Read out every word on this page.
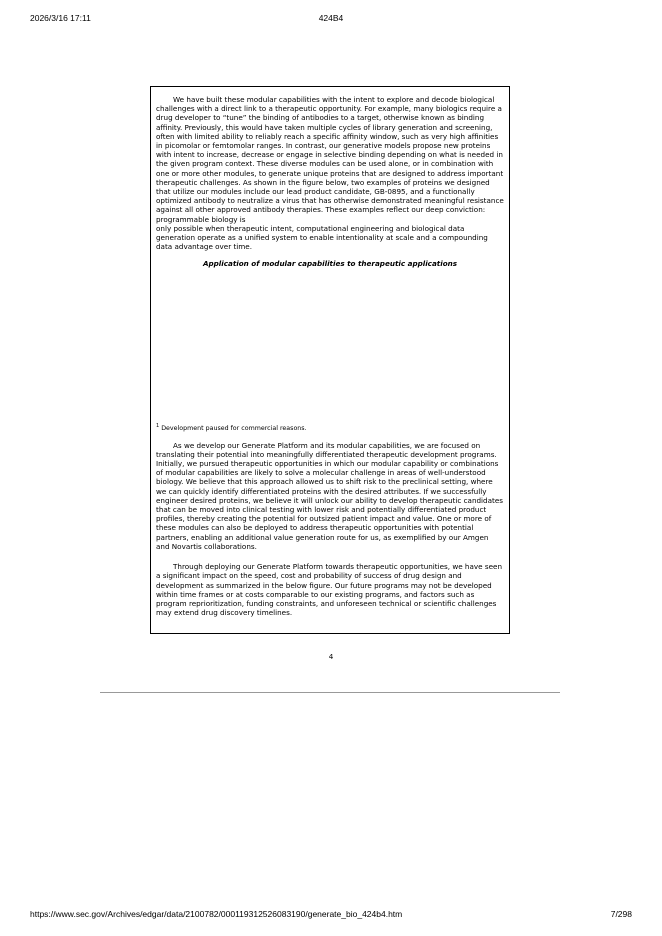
2026/3/16 17:11	424B4

We have built these modular capabilities with the intent to explore and decode biological challenges with a direct link to a therapeutic opportunity. For example, many biologics require a drug developer to “tune” the binding of antibodies to a target, otherwise known as binding affinity. Previously, this would have taken multiple cycles of library generation and screening, often with limited ability to reliably reach a specific affinity window, such as very high affinities in picomolar or femtomolar ranges. In contrast, our generative models propose new proteins with intent to increase, decrease or engage in selective binding depending on what is needed in the given program context. These diverse modules can be used alone, or in combination with one or more other modules, to generate unique proteins that are designed to address important therapeutic challenges. As shown in the figure below, two examples of proteins we designed that utilize our modules include our lead product candidate, GB-0895, and a functionally optimized antibody to neutralize a virus that has otherwise demonstrated meaningful resistance against all other approved antibody therapies. These examples reflect our deep conviction: programmable biology is

only possible when therapeutic intent, computational engineering and biological data generation operate as a unified system to enable intentionality at scale and a compounding data advantage over time.

Application of modular capabilities to therapeutic applications

$^1$ Development paused for commercial reasons.

As we develop our Generate Platform and its modular capabilities, we are focused on translating their potential into meaningfully differentiated therapeutic development programs. Initially, we pursued therapeutic opportunities in which our modular capability or combinations of modular capabilities are likely to solve a molecular challenge in areas of well-understood biology. We believe that this approach allowed us to shift risk to the preclinical setting, where we can quickly identify differentiated proteins with the desired attributes. If we successfully engineer desired proteins, we believe it will unlock our ability to develop therapeutic candidates that can be moved into clinical testing with lower risk and potentially differentiated product profiles, thereby creating the potential for outsized patient impact and value. One or more of these modules can also be deployed to address therapeutic opportunities with potential partners, enabling an additional value generation route for us, as exemplified by our Amgen and Novartis collaborations.

Through deploying our Generate Platform towards therapeutic opportunities, we have seen a significant impact on the speed, cost and probability of success of drug design and development as summarized in the below figure. Our future programs may not be developed within time frames or at costs comparable to our existing programs, and factors such as program reprioritization, funding constraints, and unforeseen technical or scientific challenges may extend drug discovery timelines.

4
https://www.sec.gov/Archives/edgar/data/2100782/000119312526083190/generate_bio_424b4.htm	7/298
